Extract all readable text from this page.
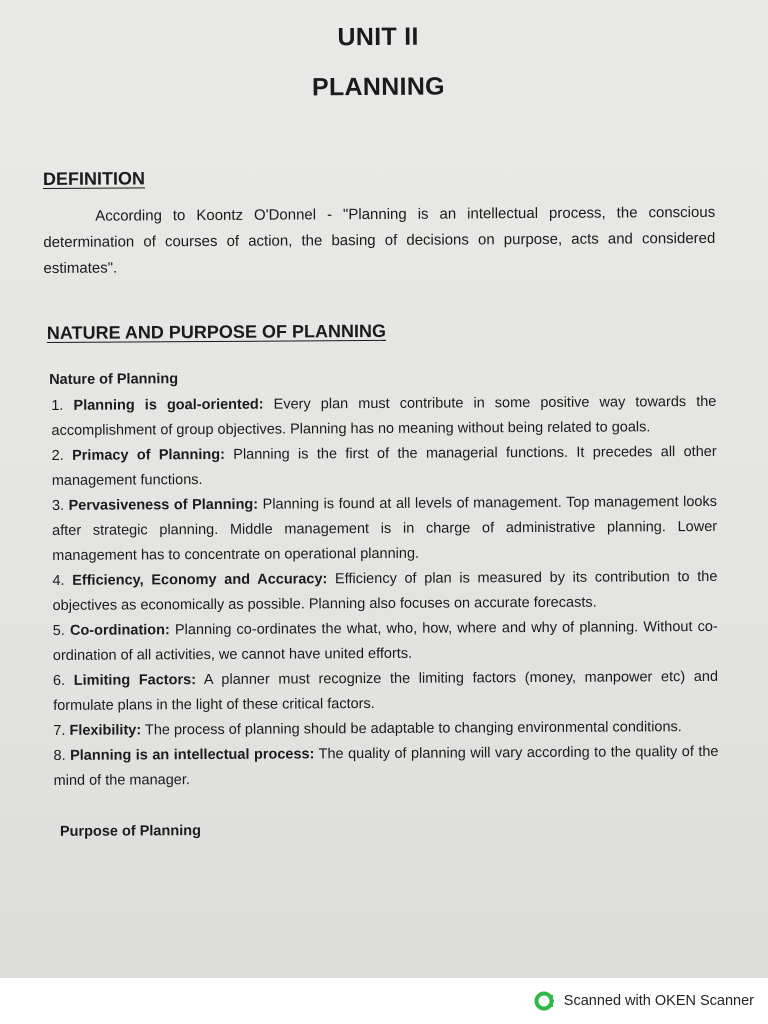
UNIT II
PLANNING
DEFINITION

According to Koontz O'Donnel - "Planning is an intellectual process, the conscious determination of courses of action, the basing of decisions on purpose, acts and considered estimates".

NATURE AND PURPOSE OF PLANNING
Nature of Planning
1. Planning is goal-oriented: Every plan must contribute in some positive way towards the accomplishment of group objectives. Planning has no meaning without being related to goals.
2. Primacy of Planning: Planning is the first of the managerial functions. It precedes all other management functions.
3. Pervasiveness of Planning: Planning is found at all levels of management. Top management looks after strategic planning. Middle management is in charge of administrative planning. Lower management has to concentrate on operational planning.
4. Efficiency, Economy and Accuracy: Efficiency of plan is measured by its contribution to the objectives as economically as possible. Planning also focuses on accurate forecasts.
5. Co-ordination: Planning co-ordinates the what, who, how, where and why of planning. Without co-ordination of all activities, we cannot have united efforts.
6. Limiting Factors: A planner must recognize the limiting factors (money, manpower etc) and formulate plans in the light of these critical factors.
7. Flexibility: The process of planning should be adaptable to changing environmental conditions.
8. Planning is an intellectual process: The quality of planning will vary according to the quality of the mind of the manager.
Purpose of Planning
Scanned with OKEN Scanner
